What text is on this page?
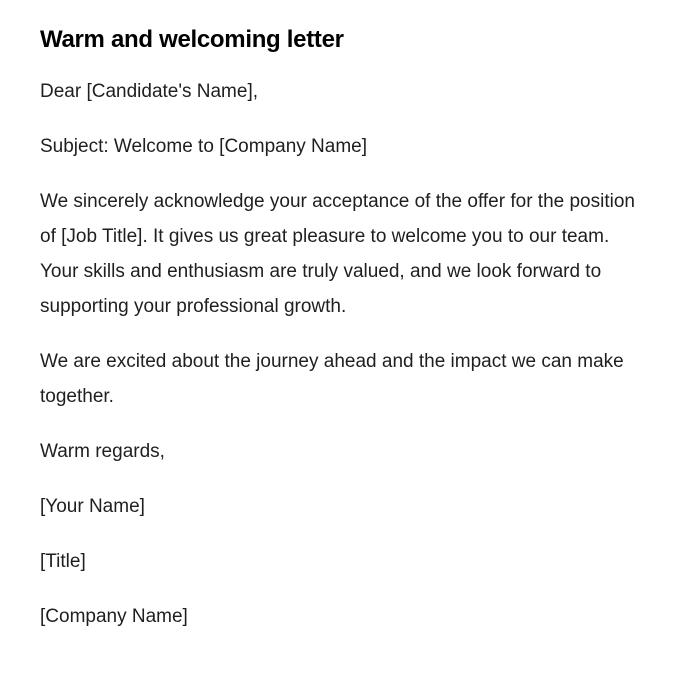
Warm and welcoming letter
Dear [Candidate's Name],
Subject: Welcome to [Company Name]

We sincerely acknowledge your acceptance of the offer for the position of [Job Title]. It gives us great pleasure to welcome you to our team. Your skills and enthusiasm are truly valued, and we look forward to supporting your professional growth.

We are excited about the journey ahead and the impact we can make together.

Warm regards,
[Your Name]
[Title]
[Company Name]
